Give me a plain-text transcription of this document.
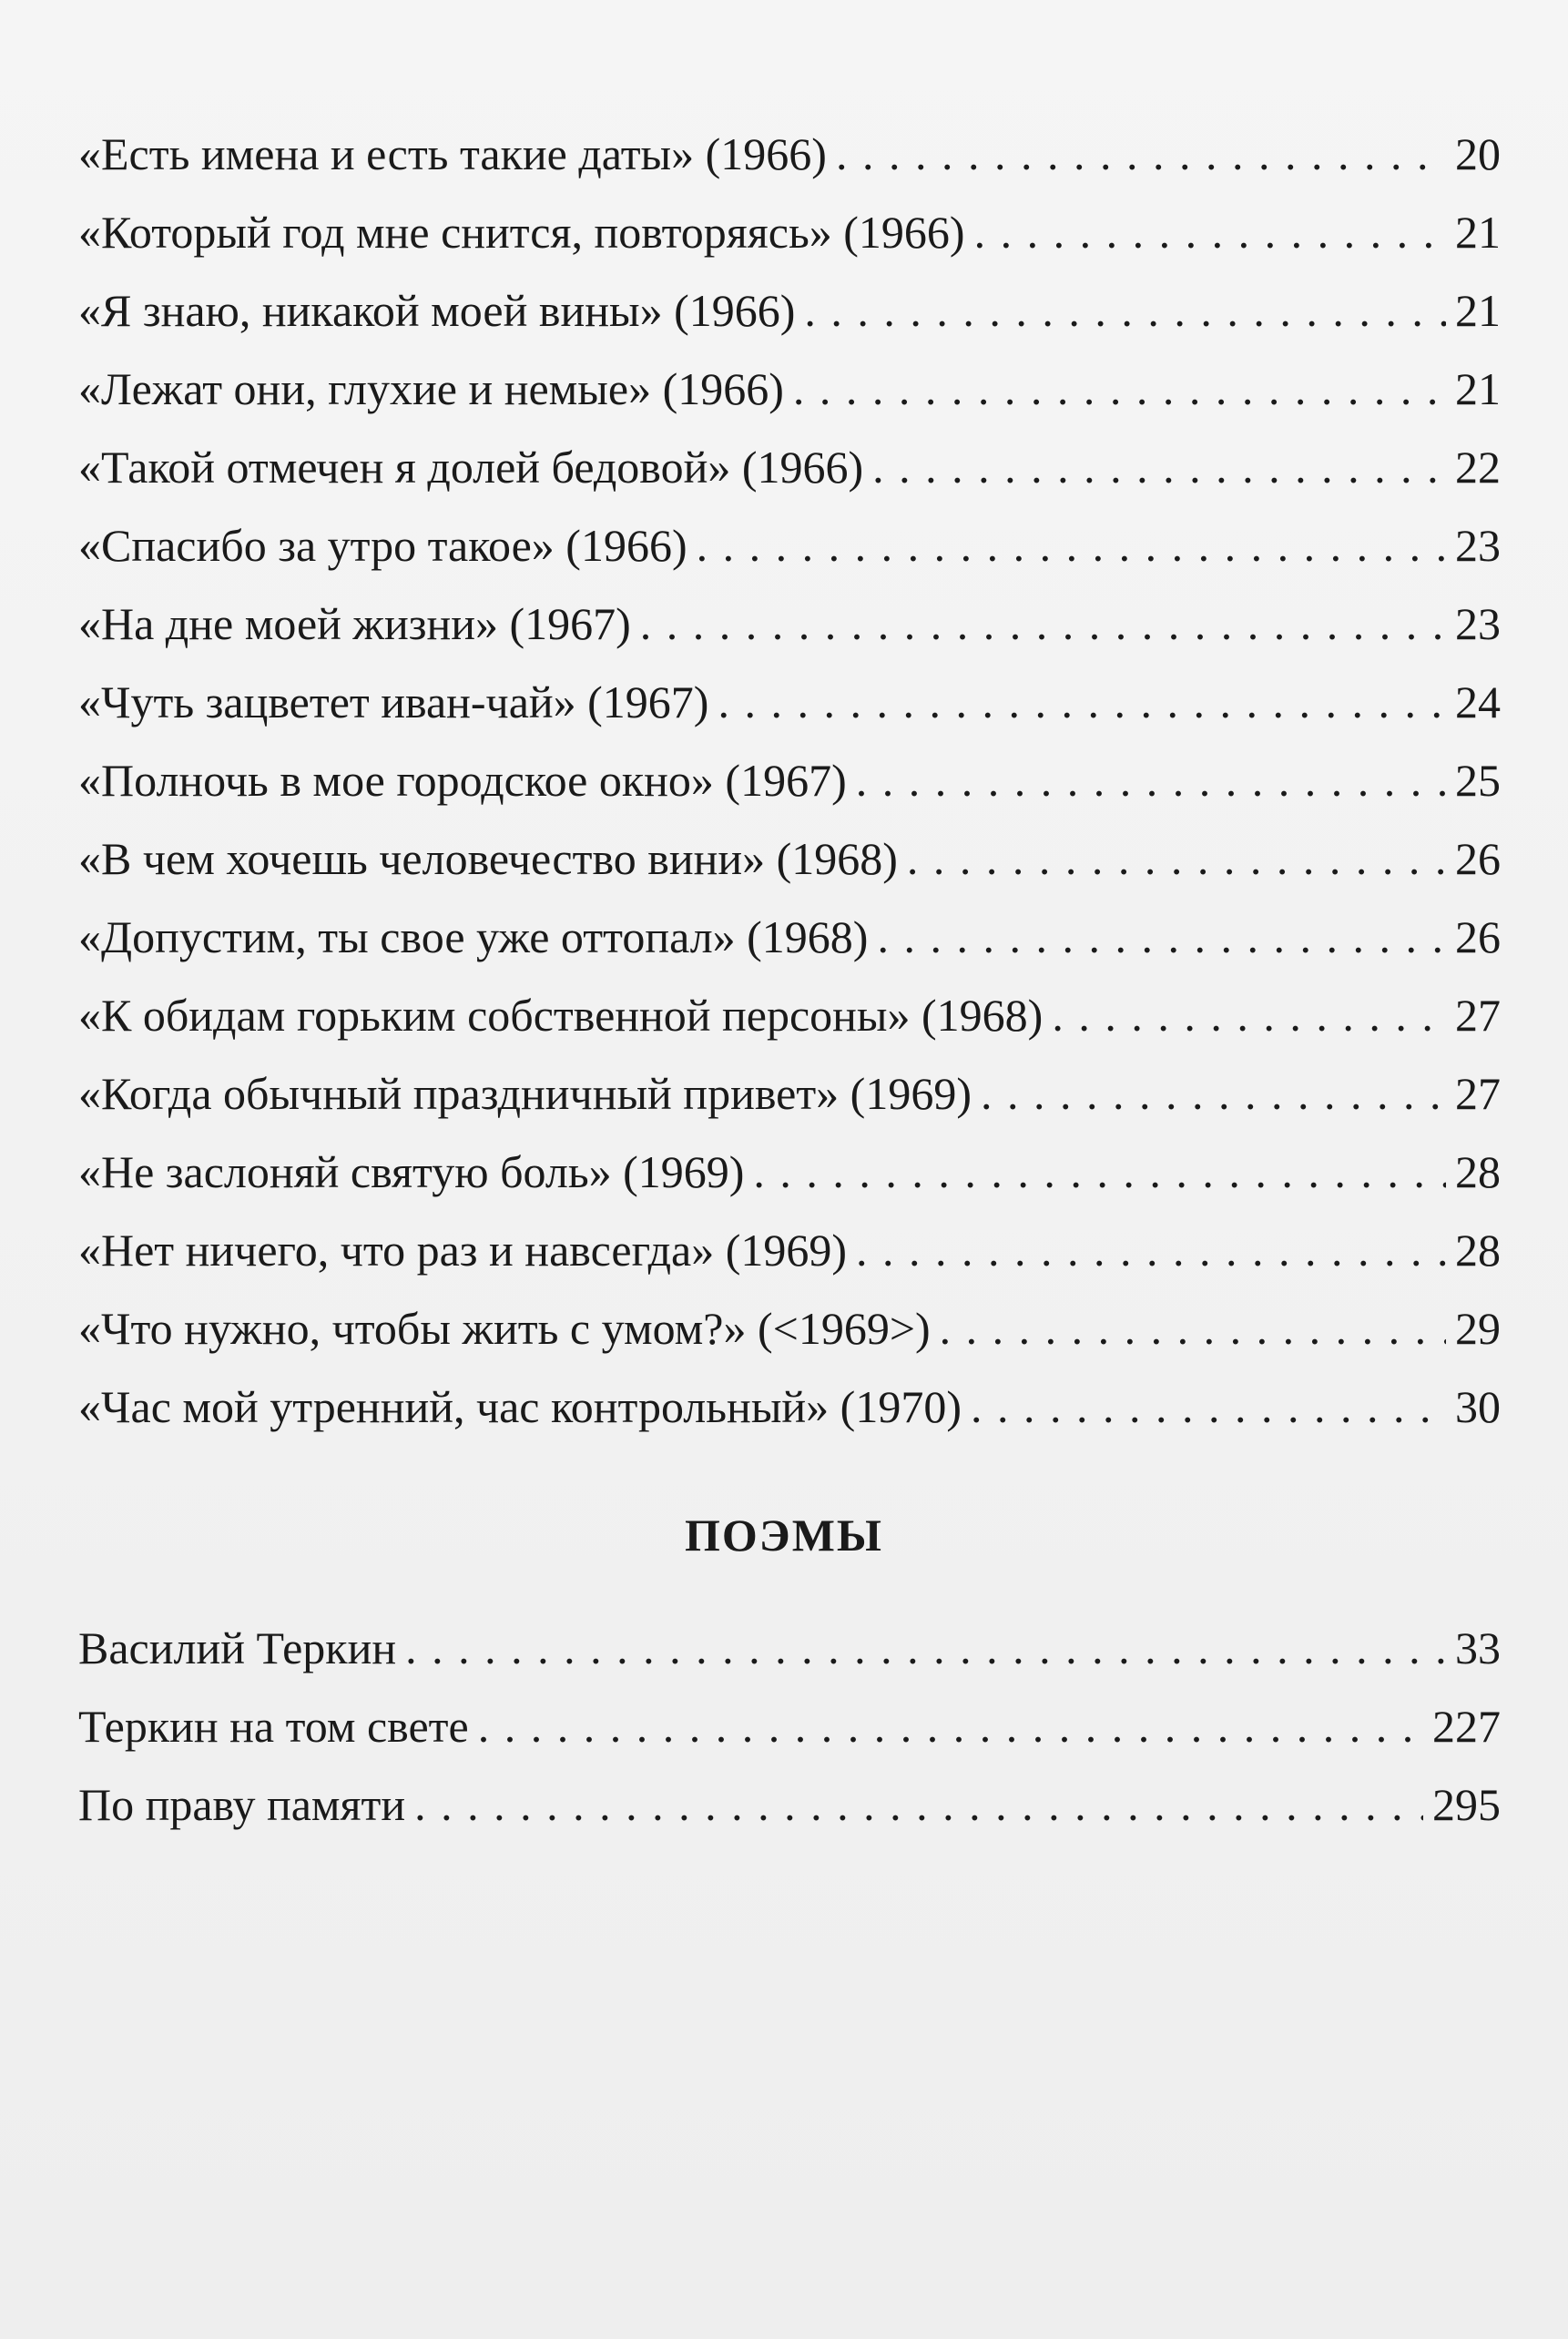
«Есть имена и есть такие даты» (1966) . . .	20
«Который год мне снится, повторяясь» (1966) . . .	21
«Я знаю, никакой моей вины» (1966) . . .	21
«Лежат они, глухие и немые» (1966) . . .	21
«Такой отмечен я долей бедовой» (1966) . . .	22
«Спасибо за утро такое» (1966) . . .	23
«На дне моей жизни» (1967) . . .	23
«Чуть зацветет иван-чай» (1967) . . .	24
«Полночь в мое городское окно» (1967) . . .	25
«В чем хочешь человечество вини» (1968) . . .	26
«Допустим, ты свое уже оттопал» (1968) . . .	26
«К обидам горьким собственной персоны» (1968) . . .	27
«Когда обычный праздничный привет» (1969) . . .	27
«Не заслоняй святую боль» (1969) . . .	28
«Нет ничего, что раз и навсегда» (1969) . . .	28
«Что нужно, чтобы жить с умом?» (<1969>) . . .	29
«Час мой утренний, час контрольный» (1970) . . .	30
ПОЭМЫ
Василий Теркин . . .	33
Теркин на том свете . . .	227
По праву памяти . . .	295
